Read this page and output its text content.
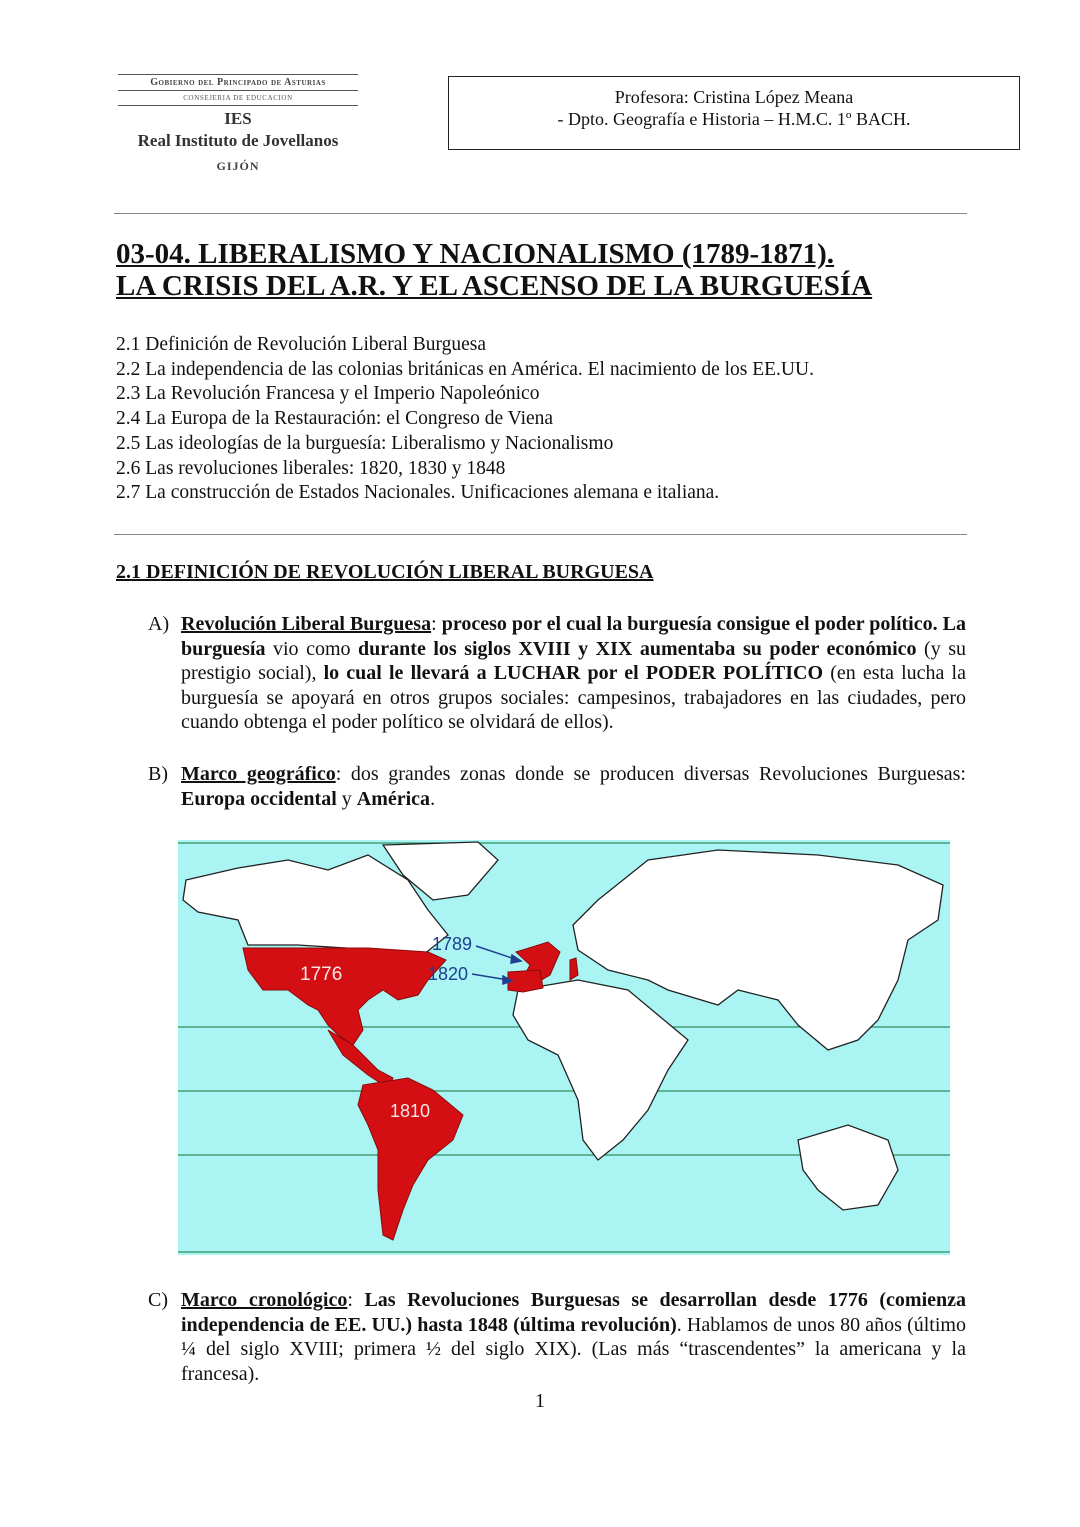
Gobierno del Principado de Asturias
CONSEJERIA DE EDUCACION
IES
Real Instituto de Jovellanos
GIJÓN
Profesora: Cristina López Meana
- Dpto. Geografía e Historia – H.M.C. 1º BACH.
03-04. LIBERALISMO Y NACIONALISMO (1789-1871).
LA CRISIS DEL A.R. Y EL ASCENSO DE LA BURGUESÍA
2.1 Definición de Revolución Liberal Burguesa
2.2 La independencia de las colonias británicas en América. El nacimiento de los EE.UU.
2.3 La Revolución Francesa y el Imperio Napoleónico
2.4 La Europa de la Restauración: el Congreso de Viena
2.5 Las ideologías de la burguesía: Liberalismo y Nacionalismo
2.6 Las revoluciones liberales: 1820, 1830 y 1848
2.7 La construcción de Estados Nacionales. Unificaciones alemana e italiana.
2.1 DEFINICIÓN DE REVOLUCIÓN LIBERAL BURGUESA
A) Revolución Liberal Burguesa: proceso por el cual la burguesía consigue el poder político. La burguesía vio como durante los siglos XVIII y XIX aumentaba su poder económico (y su prestigio social), lo cual le llevará a LUCHAR por el PODER POLÍTICO (en esta lucha la burguesía se apoyará en otros grupos sociales: campesinos, trabajadores en las ciudades, pero cuando obtenga el poder político se olvidará de ellos).
B) Marco geográfico: dos grandes zonas donde se producen diversas Revoluciones Burguesas: Europa occidental y América.
1776
1789
1820
1810
C) Marco cronológico: Las Revoluciones Burguesas se desarrollan desde 1776 (comienza independencia de EE. UU.) hasta 1848 (última revolución). Hablamos de unos 80 años (último ¼ del siglo XVIII; primera ½ del siglo XIX). (Las más “trascendentes” la americana y la francesa).
1
